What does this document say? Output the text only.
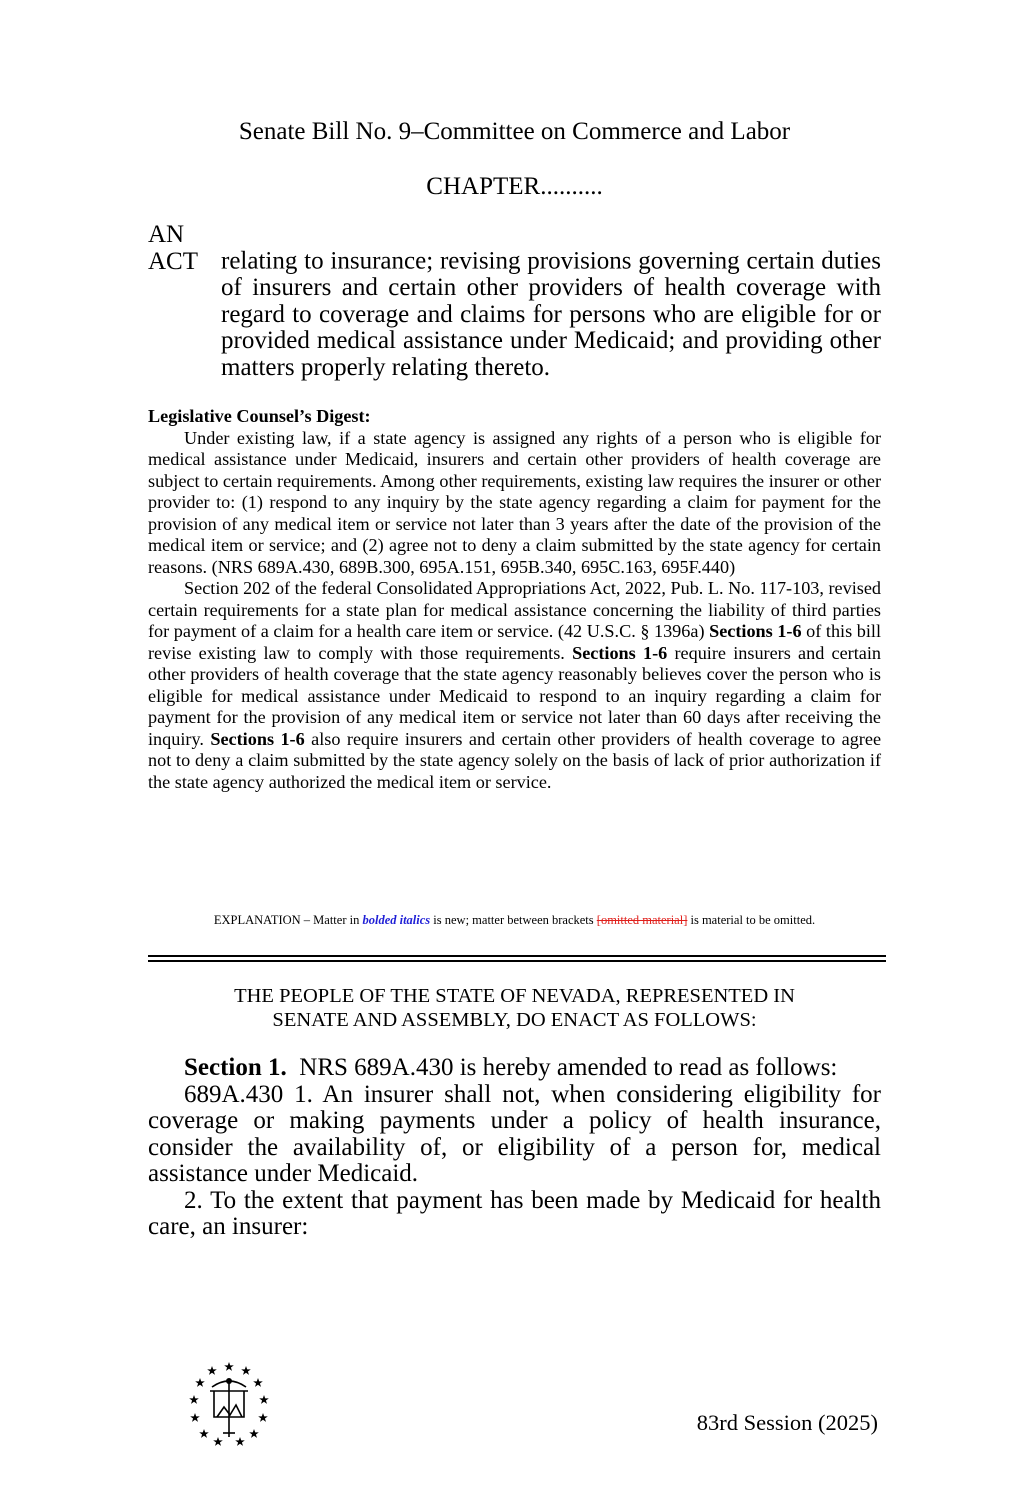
Senate Bill No. 9–Committee on Commerce and Labor
CHAPTER..........
AN ACT relating to insurance; revising provisions governing certain duties of insurers and certain other providers of health coverage with regard to coverage and claims for persons who are eligible for or provided medical assistance under Medicaid; and providing other matters properly relating thereto.
Legislative Counsel’s Digest:

Under existing law, if a state agency is assigned any rights of a person who is eligible for medical assistance under Medicaid, insurers and certain other providers of health coverage are subject to certain requirements. Among other requirements, existing law requires the insurer or other provider to: (1) respond to any inquiry by the state agency regarding a claim for payment for the provision of any medical item or service not later than 3 years after the date of the provision of the medical item or service; and (2) agree not to deny a claim submitted by the state agency for certain reasons. (NRS 689A.430, 689B.300, 695A.151, 695B.340, 695C.163, 695F.440)

Section 202 of the federal Consolidated Appropriations Act, 2022, Pub. L. No. 117-103, revised certain requirements for a state plan for medical assistance concerning the liability of third parties for payment of a claim for a health care item or service. (42 U.S.C. § 1396a) Sections 1-6 of this bill revise existing law to comply with those requirements. Sections 1-6 require insurers and certain other providers of health coverage that the state agency reasonably believes cover the person who is eligible for medical assistance under Medicaid to respond to an inquiry regarding a claim for payment for the provision of any medical item or service not later than 60 days after receiving the inquiry. Sections 1-6 also require insurers and certain other providers of health coverage to agree not to deny a claim submitted by the state agency solely on the basis of lack of prior authorization if the state agency authorized the medical item or service.

EXPLANATION – Matter in bolded italics is new; matter between brackets [omitted material] is material to be omitted.
THE PEOPLE OF THE STATE OF NEVADA, REPRESENTED IN
SENATE AND ASSEMBLY, DO ENACT AS FOLLOWS:

Section 1. NRS 689A.430 is hereby amended to read as follows:

689A.430 1. An insurer shall not, when considering eligibility for coverage or making payments under a policy of health insurance, consider the availability of, or eligibility of a person for, medical assistance under Medicaid.

2. To the extent that payment has been made by Medicaid for health care, an insurer:

83rd Session (2025)
